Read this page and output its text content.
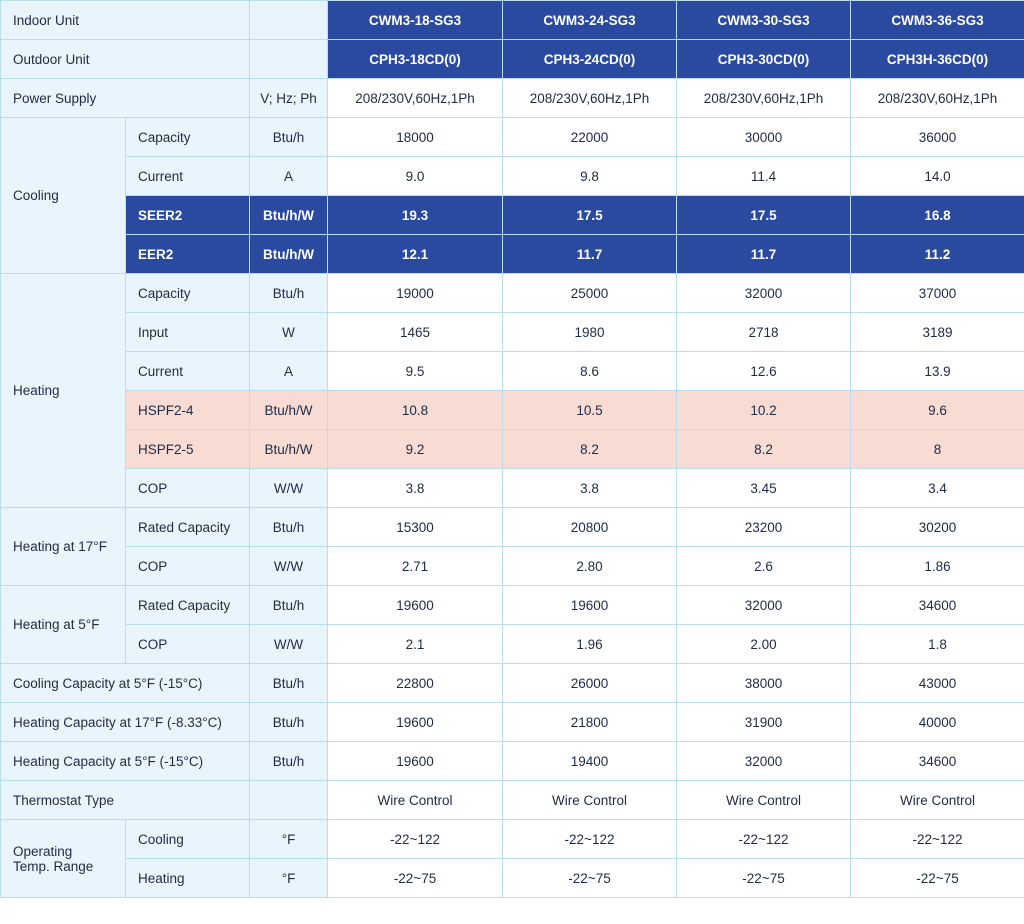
Indoor Unit			CWM3-18-SG3	CWM3-24-SG3	CWM3-30-SG3	CWM3-36-SG3
Outdoor Unit			CPH3-18CD(0)	CPH3-24CD(0)	CPH3-30CD(0)	CPH3H-36CD(0)
Power Supply		V; Hz; Ph	208/230V,60Hz,1Ph	208/230V,60Hz,1Ph	208/230V,60Hz,1Ph	208/230V,60Hz,1Ph
Cooling	Capacity	Btu/h	18000	22000	30000	36000
	Current	A	9.0	9.8	11.4	14.0
	SEER2	Btu/h/W	19.3	17.5	17.5	16.8
	EER2	Btu/h/W	12.1	11.7	11.7	11.2
Heating	Capacity	Btu/h	19000	25000	32000	37000
	Input	W	1465	1980	2718	3189
	Current	A	9.5	8.6	12.6	13.9
	HSPF2-4	Btu/h/W	10.8	10.5	10.2	9.6
	HSPF2-5	Btu/h/W	9.2	8.2	8.2	8
	COP	W/W	3.8	3.8	3.45	3.4
Heating at 17°F	Rated Capacity	Btu/h	15300	20800	23200	30200
	COP	W/W	2.71	2.80	2.6	1.86
Heating at 5°F	Rated Capacity	Btu/h	19600	19600	32000	34600
	COP	W/W	2.1	1.96	2.00	1.8
Cooling Capacity at 5°F (-15°C)		Btu/h	22800	26000	38000	43000
Heating Capacity at 17°F (-8.33°C)		Btu/h	19600	21800	31900	40000
Heating Capacity at 5°F (-15°C)		Btu/h	19600	19400	32000	34600
Thermostat Type			Wire Control	Wire Control	Wire Control	Wire Control
Operating
Temp. Range	Cooling	°F	-22~122	-22~122	-22~122	-22~122
	Heating	°F	-22~75	-22~75	-22~75	-22~75
